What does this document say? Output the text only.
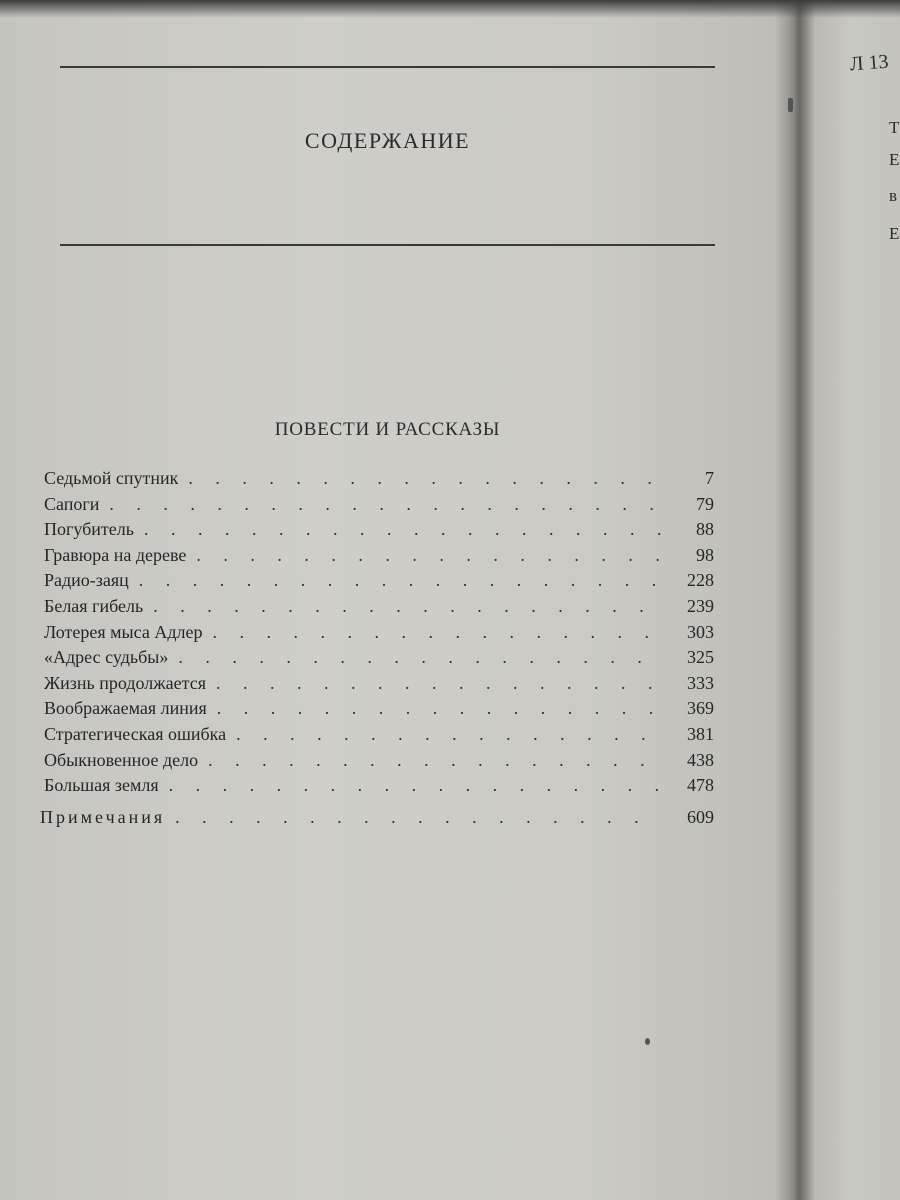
СОДЕРЖАНИЕ
ПОВЕСТИ И РАССКАЗЫ
Седьмой спутник . . .	7
Сапоги . . .	79
Погубитель . . .	88
Гравюра на дереве . . .	98
Радио-заяц . . .	228
Белая гибель . . .	239
Лотерея мыса Адлер . . .	303
«Адрес судьбы» . . .	325
Жизнь продолжается . . .	333
Воображаемая линия . . .	369
Стратегическая ошибка . . .	381
Обыкновенное дело . . .	438
Большая земля . . .	478
Примечания . . .	609
Л 13
Т
Е
в
Е
